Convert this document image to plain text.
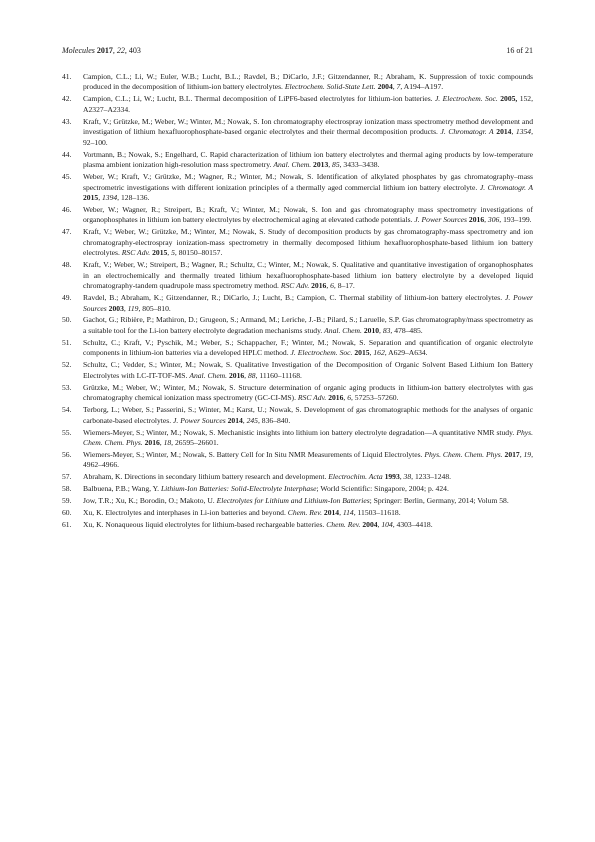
Molecules 2017, 22, 403	16 of 21
41. Campion, C.L.; Li, W.; Euler, W.B.; Lucht, B.L.; Ravdel, B.; DiCarlo, J.F.; Gitzendanner, R.; Abraham, K. Suppression of toxic compounds produced in the decomposition of lithium-ion battery electrolytes. Electrochem. Solid-State Lett. 2004, 7, A194–A197.
42. Campion, C.L.; Li, W.; Lucht, B.L. Thermal decomposition of LiPF6-based electrolytes for lithium-ion batteries. J. Electrochem. Soc. 2005, 152, A2327–A2334.
43. Kraft, V.; Grützke, M.; Weber, W.; Winter, M.; Nowak, S. Ion chromatography electrospray ionization mass spectrometry method development and investigation of lithium hexafluorophosphate-based organic electrolytes and their thermal decomposition products. J. Chromatogr. A 2014, 1354, 92–100.
44. Vortmann, B.; Nowak, S.; Engelhard, C. Rapid characterization of lithium ion battery electrolytes and thermal aging products by low-temperature plasma ambient ionization high-resolution mass spectrometry. Anal. Chem. 2013, 85, 3433–3438.
45. Weber, W.; Kraft, V.; Grützke, M.; Wagner, R.; Winter, M.; Nowak, S. Identification of alkylated phosphates by gas chromatography–mass spectrometric investigations with different ionization principles of a thermally aged commercial lithium ion battery electrolyte. J. Chromatogr. A 2015, 1394, 128–136.
46. Weber, W.; Wagner, R.; Streipert, B.; Kraft, V.; Winter, M.; Nowak, S. Ion and gas chromatography mass spectrometry investigations of organophosphates in lithium ion battery electrolytes by electrochemical aging at elevated cathode potentials. J. Power Sources 2016, 306, 193–199.
47. Kraft, V.; Weber, W.; Grützke, M.; Winter, M.; Nowak, S. Study of decomposition products by gas chromatography-mass spectrometry and ion chromatography-electrospray ionization-mass spectrometry in thermally decomposed lithium hexafluorophosphate-based lithium ion battery electrolytes. RSC Adv. 2015, 5, 80150–80157.
48. Kraft, V.; Weber, W.; Streipert, B.; Wagner, R.; Schultz, C.; Winter, M.; Nowak, S. Qualitative and quantitative investigation of organophosphates in an electrochemically and thermally treated lithium hexafluorophosphate-based lithium ion battery electrolyte by a developed liquid chromatography-tandem quadrupole mass spectrometry method. RSC Adv. 2016, 6, 8–17.
49. Ravdel, B.; Abraham, K.; Gitzendanner, R.; DiCarlo, J.; Lucht, B.; Campion, C. Thermal stability of lithium-ion battery electrolytes. J. Power Sources 2003, 119, 805–810.
50. Gachot, G.; Ribière, P.; Mathiron, D.; Grugeon, S.; Armand, M.; Leriche, J.-B.; Pilard, S.; Laruelle, S.P. Gas chromatography/mass spectrometry as a suitable tool for the Li-ion battery electrolyte degradation mechanisms study. Anal. Chem. 2010, 83, 478–485.
51. Schultz, C.; Kraft, V.; Pyschik, M.; Weber, S.; Schappacher, F.; Winter, M.; Nowak, S. Separation and quantification of organic electrolyte components in lithium-ion batteries via a developed HPLC method. J. Electrochem. Soc. 2015, 162, A629–A634.
52. Schultz, C.; Vedder, S.; Winter, M.; Nowak, S. Qualitative Investigation of the Decomposition of Organic Solvent Based Lithium Ion Battery Electrolytes with LC-IT-TOF-MS. Anal. Chem. 2016, 88, 11160–11168.
53. Grützke, M.; Weber, W.; Winter, M.; Nowak, S. Structure determination of organic aging products in lithium-ion battery electrolytes with gas chromatography chemical ionization mass spectrometry (GC-CI-MS). RSC Adv. 2016, 6, 57253–57260.
54. Terborg, L.; Weber, S.; Passerini, S.; Winter, M.; Karst, U.; Nowak, S. Development of gas chromatographic methods for the analyses of organic carbonate-based electrolytes. J. Power Sources 2014, 245, 836–840.
55. Wiemers-Meyer, S.; Winter, M.; Nowak, S. Mechanistic insights into lithium ion battery electrolyte degradation—A quantitative NMR study. Phys. Chem. Chem. Phys. 2016, 18, 26595–26601.
56. Wiemers-Meyer, S.; Winter, M.; Nowak, S. Battery Cell for In Situ NMR Measurements of Liquid Electrolytes. Phys. Chem. Chem. Phys. 2017, 19, 4962–4966.
57. Abraham, K. Directions in secondary lithium battery research and development. Electrochim. Acta 1993, 38, 1233–1248.
58. Balbuena, P.B.; Wang, Y. Lithium-Ion Batteries: Solid-Electrolyte Interphase; World Scientific: Singapore, 2004; p. 424.
59. Jow, T.R.; Xu, K.; Borodin, O.; Makoto, U. Electrolytes for Lithium and Lithium-Ion Batteries; Springer: Berlin, Germany, 2014; Volum 58.
60. Xu, K. Electrolytes and interphases in Li-ion batteries and beyond. Chem. Rev. 2014, 114, 11503–11618.
61. Xu, K. Nonaqueous liquid electrolytes for lithium-based rechargeable batteries. Chem. Rev. 2004, 104, 4303–4418.
